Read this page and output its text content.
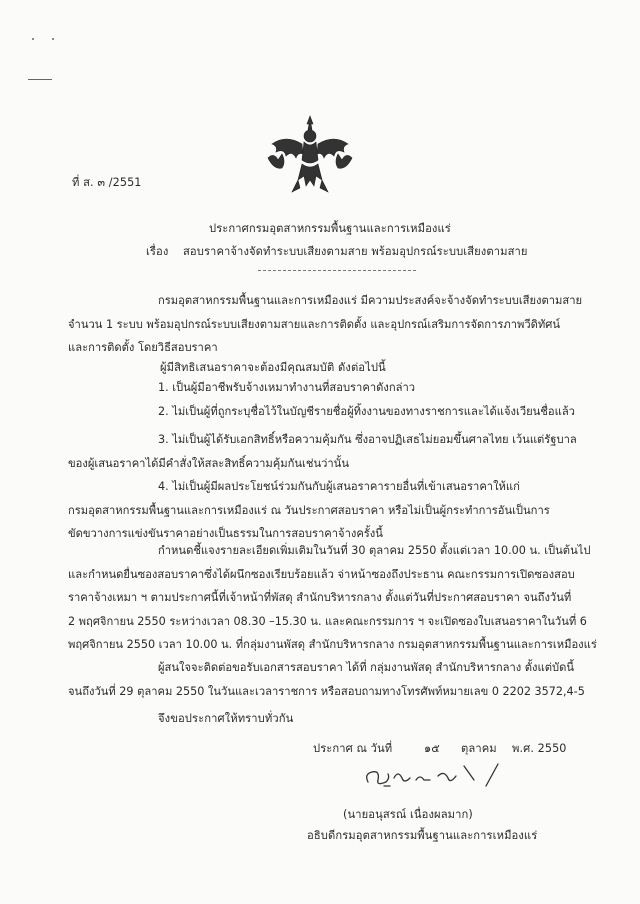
ที่ ส. ๓ /2551
ประกาศกรมอุตสาหกรรมพื้นฐานและการเหมืองแร่
เรื่อง สอบราคาจ้างจัดทำระบบเสียงตามสาย พร้อมอุปกรณ์ระบบเสียงตามสาย
กรมอุตสาหกรรมพื้นฐานและการเหมืองแร่ มีความประสงค์จะจ้างจัดทำระบบเสียงตามสาย
จำนวน 1 ระบบ พร้อมอุปกรณ์ระบบเสียงตามสายและการติดตั้ง และอุปกรณ์เสริมการจัดการภาพวีดิทัศน์
และการติดตั้ง โดยวิธีสอบราคา
ผู้มีสิทธิเสนอราคาจะต้องมีคุณสมบัติ ดังต่อไปนี้
1. เป็นผู้มีอาชีพรับจ้างเหมาทำงานที่สอบราคาดังกล่าว
2. ไม่เป็นผู้ที่ถูกระบุชื่อไว้ในบัญชีรายชื่อผู้ทิ้งงานของทางราชการและได้แจ้งเวียนชื่อแล้ว
3. ไม่เป็นผู้ได้รับเอกสิทธิ์หรือความคุ้มกัน ซึ่งอาจปฏิเสธไม่ยอมขึ้นศาลไทย เว้นแต่รัฐบาล
ของผู้เสนอราคาได้มีคำสั่งให้สละสิทธิ์ความคุ้มกันเช่นว่านั้น
4. ไม่เป็นผู้มีผลประโยชน์ร่วมกันกับผู้เสนอราคารายอื่นที่เข้าเสนอราคาให้แก่
กรมอุตสาหกรรมพื้นฐานและการเหมืองแร่ ณ วันประกาศสอบราคา หรือไม่เป็นผู้กระทำการอันเป็นการ
ขัดขวางการแข่งขันราคาอย่างเป็นธรรมในการสอบราคาจ้างครั้งนี้
กำหนดชี้แจงรายละเอียดเพิ่มเติมในวันที่ 30 ตุลาคม 2550 ตั้งแต่เวลา 10.00 น. เป็นต้นไป
และกำหนดยื่นซองสอบราคาซึ่งได้ผนึกซองเรียบร้อยแล้ว จ่าหน้าซองถึงประธาน คณะกรรมการเปิดซองสอบ
ราคาจ้างเหมา ฯ ตามประกาศนี้ที่เจ้าหน้าที่พัสดุ สำนักบริหารกลาง ตั้งแต่วันที่ประกาศสอบราคา จนถึงวันที่
2 พฤศจิกายน 2550 ระหว่างเวลา 08.30 –15.30 น. และคณะกรรมการ ฯ จะเปิดซองใบเสนอราคาในวันที่ 6
พฤศจิกายน 2550 เวลา 10.00 น. ที่กลุ่มงานพัสดุ สำนักบริหารกลาง กรมอุตสาหกรรมพื้นฐานและการเหมืองแร่
ผู้สนใจจะติดต่อขอรับเอกสารสอบราคา ได้ที่ กลุ่มงานพัสดุ สำนักบริหารกลาง ตั้งแต่บัดนี้
จนถึงวันที่ 29 ตุลาคม 2550 ในวันและเวลาราชการ หรือสอบถามทางโทรศัพท์หมายเลข 0 2202 3572,4-5
จึงขอประกาศให้ทราบทั่วกัน
ประกาศ ณ วันที่	๑๕ ตุลาคม พ.ศ. 2550
(นายอนุสรณ์ เนื่องผลมาก)
อธิบดีกรมอุตสาหกรรมพื้นฐานและการเหมืองแร่
